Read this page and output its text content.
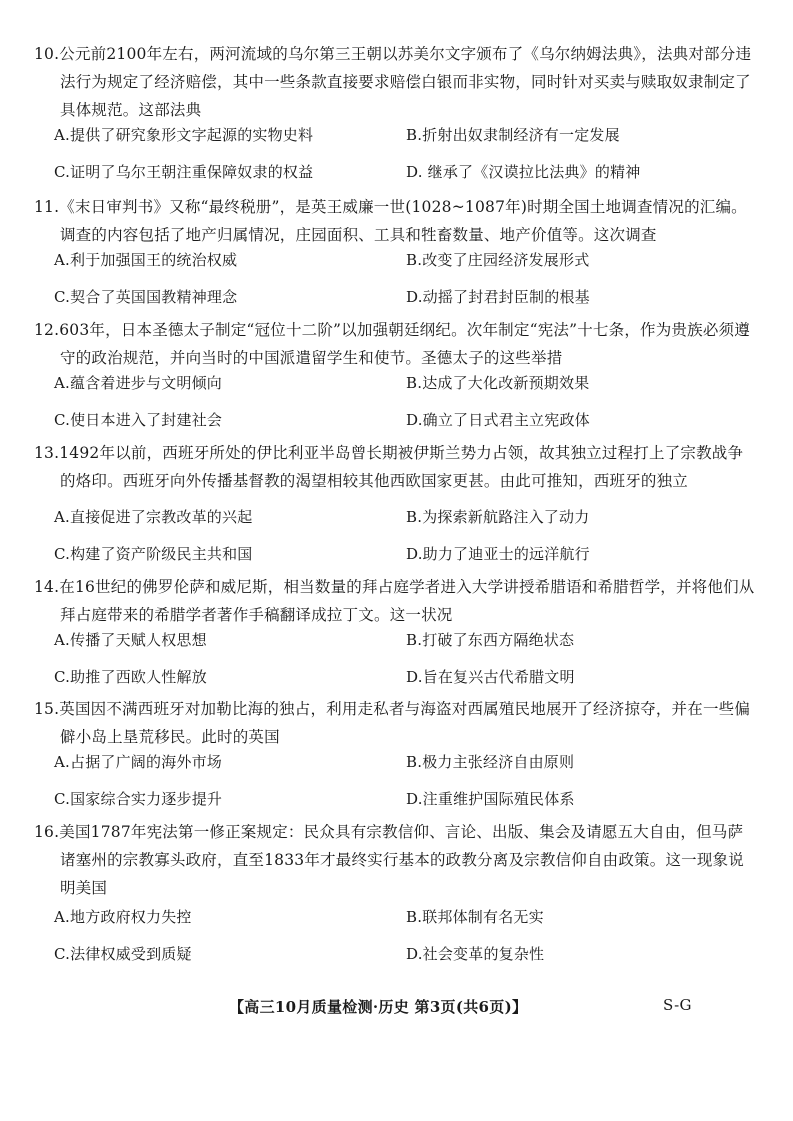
10.公元前2100年左右，两河流域的乌尔第三王朝以苏美尔文字颁布了《乌尔纳姆法典》，法典对部分违法行为规定了经济赔偿，其中一些条款直接要求赔偿白银而非实物，同时针对买卖与赎取奴隶制定了具体规范。这部法典

A.提供了研究象形文字起源的实物史料	B.折射出奴隶制经济有一定发展
C.证明了乌尔王朝注重保障奴隶的权益	D. 继承了《汉谟拉比法典》的精神

11.《末日审判书》又称“最终税册”，是英王威廉一世(1028~1087年)时期全国土地调查情况的汇编。调查的内容包括了地产归属情况，庄园面积、工具和牲畜数量、地产价值等。这次调查

A.利于加强国王的统治权威	B.改变了庄园经济发展形式
C.契合了英国国教精神理念	D.动摇了封君封臣制的根基

12.603年，日本圣德太子制定“冠位十二阶”以加强朝廷纲纪。次年制定“宪法”十七条，作为贵族必须遵守的政治规范，并向当时的中国派遣留学生和使节。圣德太子的这些举措

A.蕴含着进步与文明倾向	B.达成了大化改新预期效果
C.使日本进入了封建社会	D.确立了日式君主立宪政体

13.1492年以前，西班牙所处的伊比利亚半岛曾长期被伊斯兰势力占领，故其独立过程打上了宗教战争的烙印。西班牙向外传播基督教的渴望相较其他西欧国家更甚。由此可推知，西班牙的独立

A.直接促进了宗教改革的兴起	B.为探索新航路注入了动力
C.构建了资产阶级民主共和国	D.助力了迪亚士的远洋航行

14.在16世纪的佛罗伦萨和威尼斯，相当数量的拜占庭学者进入大学讲授希腊语和希腊哲学，并将他们从拜占庭带来的希腊学者著作手稿翻译成拉丁文。这一状况

A.传播了天赋人权思想	B.打破了东西方隔绝状态
C.助推了西欧人性解放	D.旨在复兴古代希腊文明

15.英国因不满西班牙对加勒比海的独占，利用走私者与海盗对西属殖民地展开了经济掠夺，并在一些偏僻小岛上垦荒移民。此时的英国

A.占据了广阔的海外市场	B.极力主张经济自由原则
C.国家综合实力逐步提升	D.注重维护国际殖民体系

16.美国1787年宪法第一修正案规定：民众具有宗教信仰、言论、出版、集会及请愿五大自由，但马萨诸塞州的宗教寡头政府，直至1833年才最终实行基本的政教分离及宗教信仰自由政策。这一现象说明美国

A.地方政府权力失控	B.联邦体制有名无实
C.法律权威受到质疑	D.社会变革的复杂性
【高三10月质量检测·历史 第3页(共6页)】	S-G
